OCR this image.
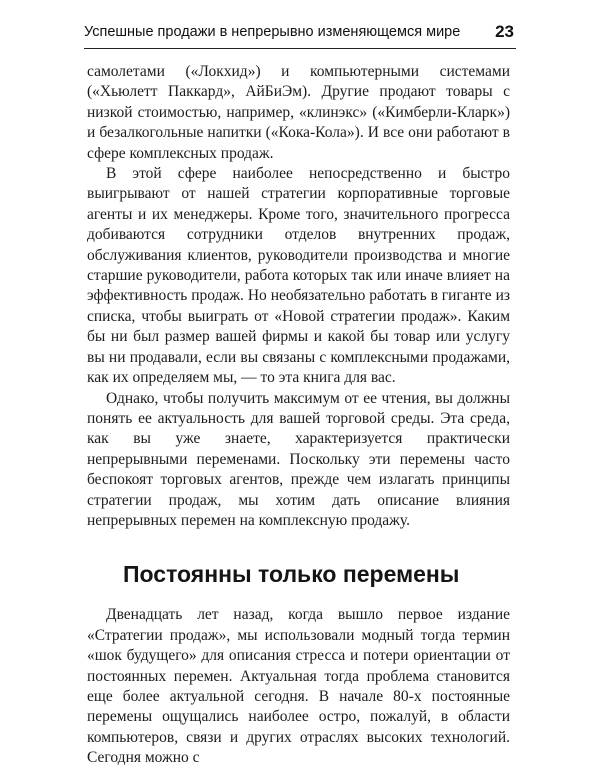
Успешные продажи в непрерывно изменяющемся мире 23

самолетами («Локхид») и компьютерными системами («Хьюлетт Паккард», АйБиЭм). Другие продают товары с низкой стоимостью, например, «клинэкс» («Кимберли-Кларк») и безалкогольные напитки («Кока-Кола»). И все они работают в сфере комплексных продаж.

В этой сфере наиболее непосредственно и быстро выигрывают от нашей стратегии корпоративные торговые агенты и их менеджеры. Кроме того, значительного прогресса добиваются сотрудники отделов внутренних продаж, обслуживания клиентов, руководители производства и многие старшие руководители, работа которых так или иначе влияет на эффективность продаж. Но необязательно работать в гиганте из списка, чтобы выиграть от «Новой стратегии продаж». Каким бы ни был размер вашей фирмы и какой бы товар или услугу вы ни продавали, если вы связаны с комплексными продажами, как их определяем мы, — то эта книга для вас.

Однако, чтобы получить максимум от ее чтения, вы должны понять ее актуальность для вашей торговой среды. Эта среда, как вы уже знаете, характеризуется практически непрерывными переменами. Поскольку эти перемены часто беспокоят торговых агентов, прежде чем излагать принципы стратегии продаж, мы хотим дать описание влияния непрерывных перемен на комплексную продажу.

Постоянны только перемены

Двенадцать лет назад, когда вышло первое издание «Стратегии продаж», мы использовали модный тогда термин «шок будущего» для описания стресса и потери ориентации от постоянных перемен. Актуальная тогда проблема становится еще более актуальной сегодня. В начале 80-х постоянные перемены ощущались наиболее остро, пожалуй, в области компьютеров, связи и других отраслях высоких технологий. Сегодня можно с
